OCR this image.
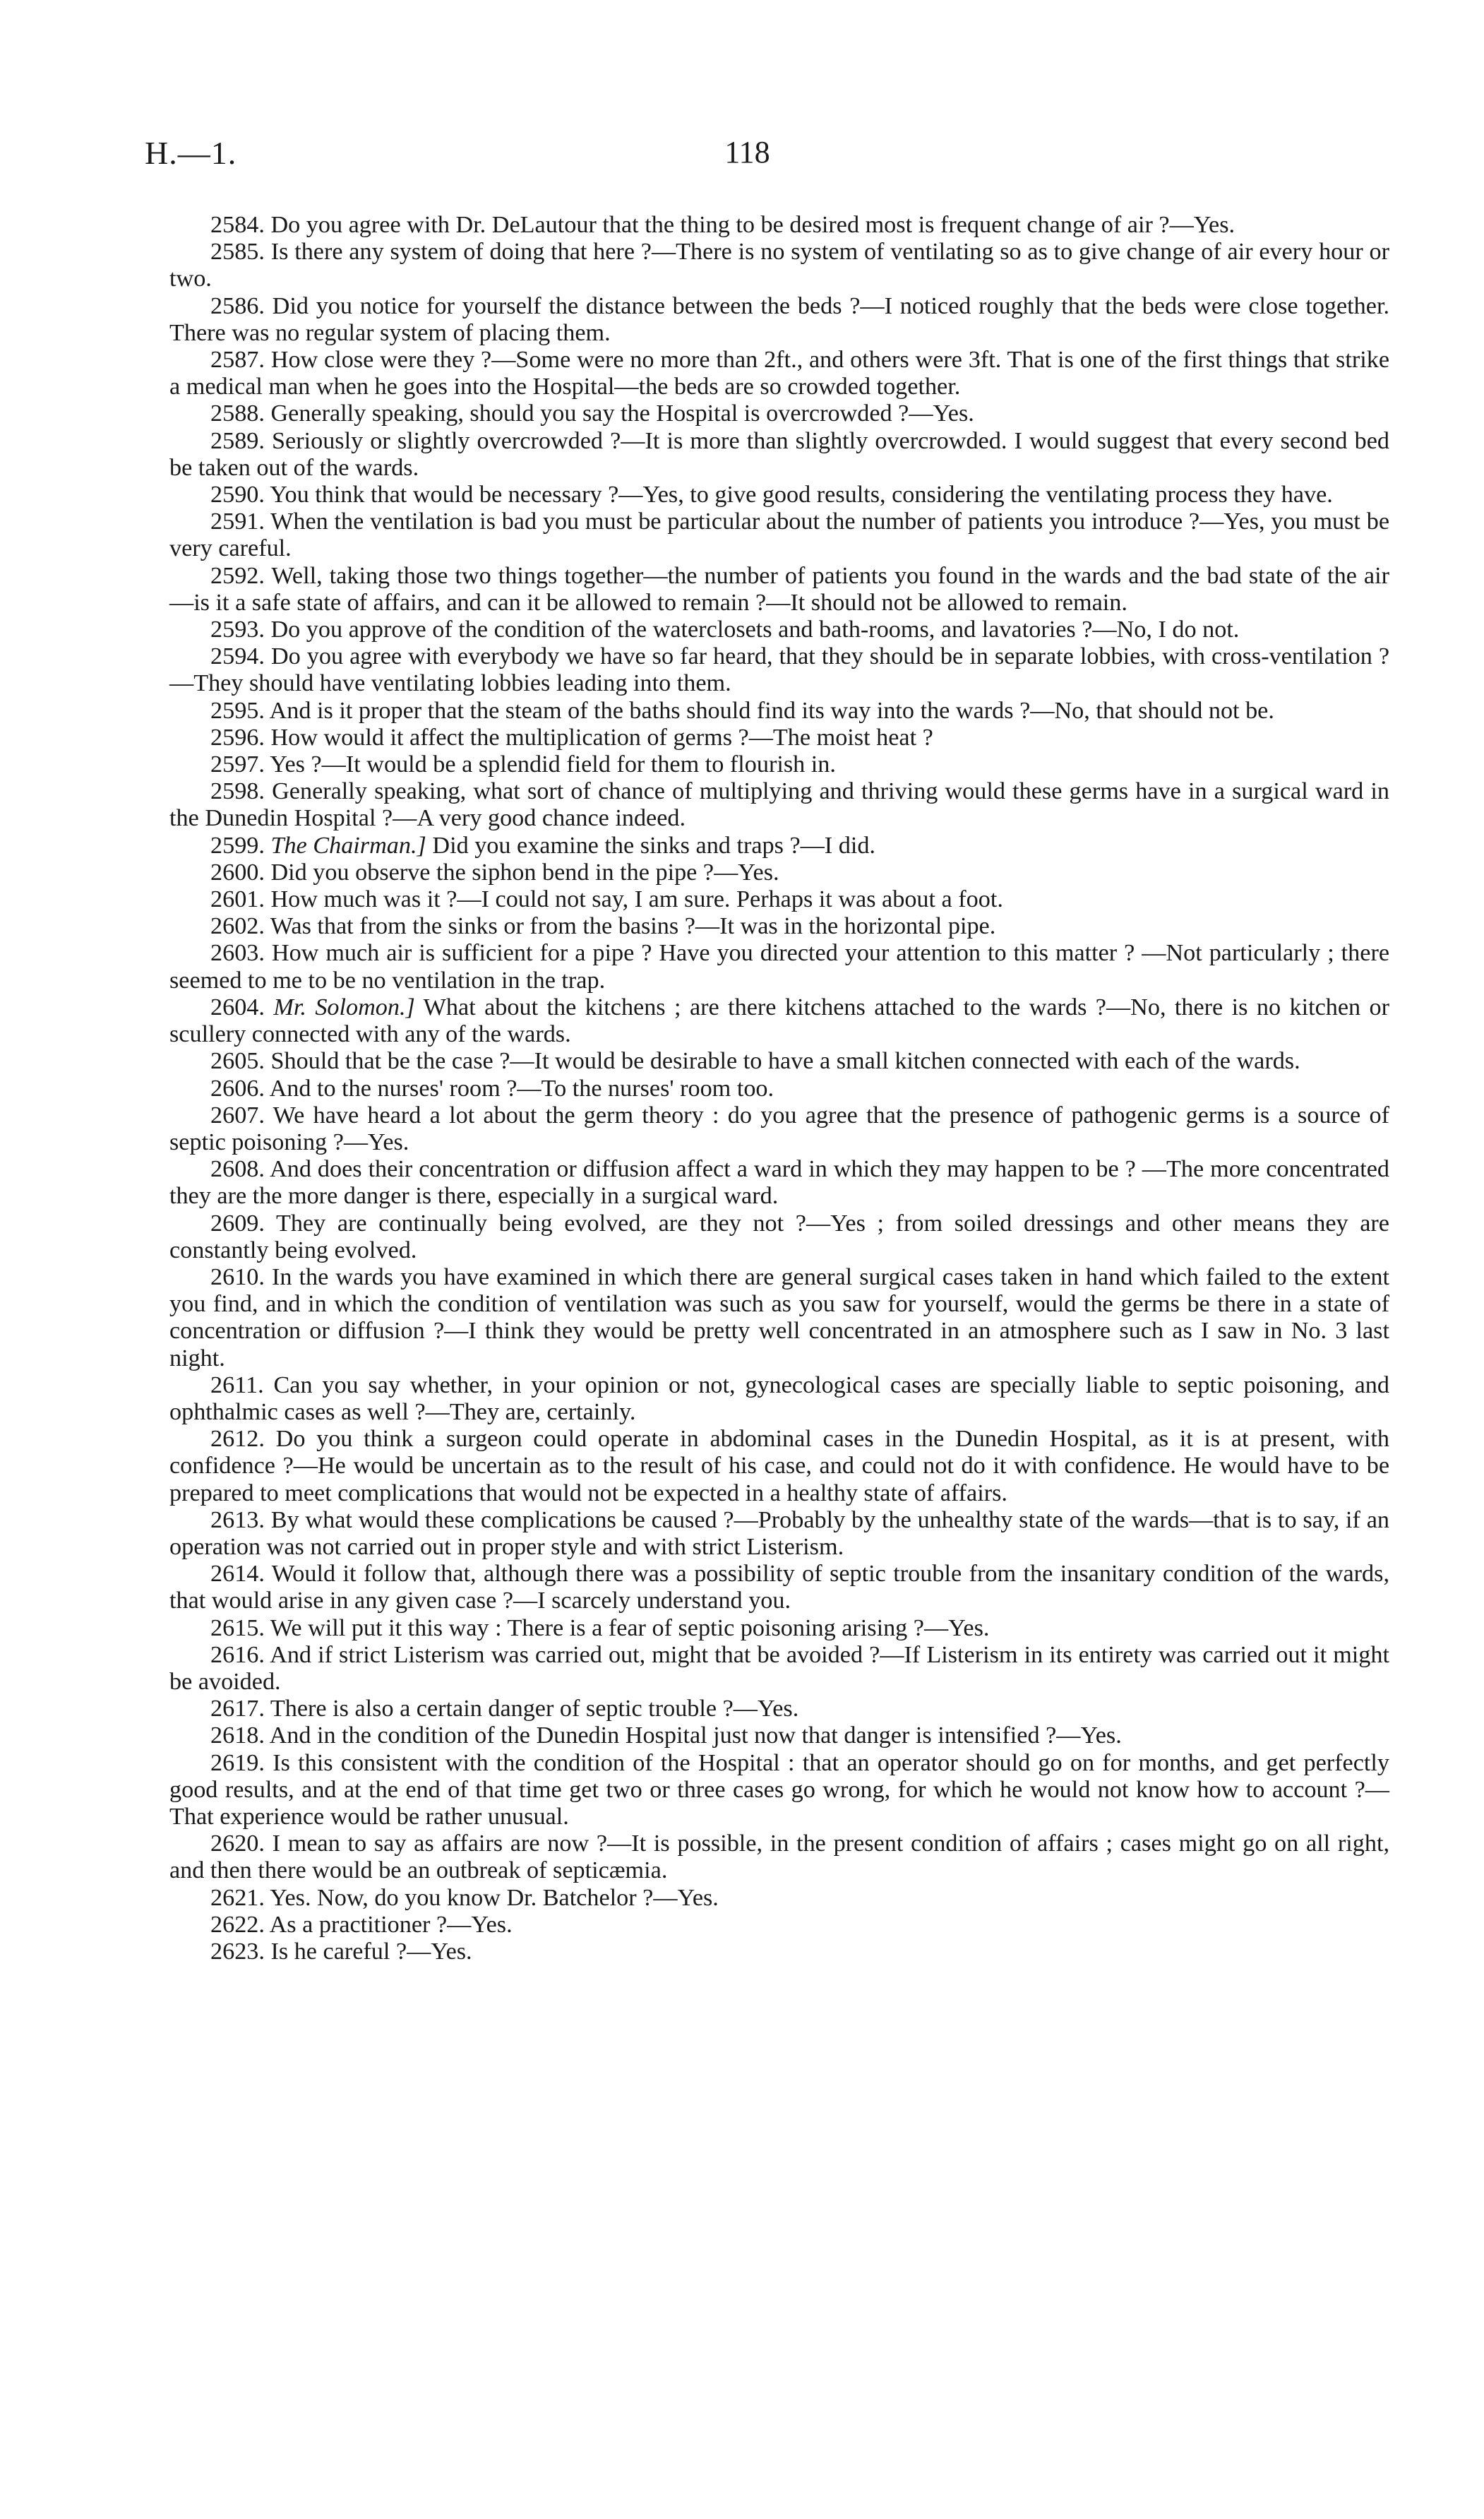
H.—1.	118

2584. Do you agree with Dr. DeLautour that the thing to be desired most is frequent change of air ?—Yes.

2585. Is there any system of doing that here ?—There is no system of ventilating so as to give change of air every hour or two.

2586. Did you notice for yourself the distance between the beds ?—I noticed roughly that the beds were close together. There was no regular system of placing them.

2587. How close were they ?—Some were no more than 2ft., and others were 3ft. That is one of the first things that strike a medical man when he goes into the Hospital—the beds are so crowded together.

2588. Generally speaking, should you say the Hospital is overcrowded ?—Yes.

2589. Seriously or slightly overcrowded ?—It is more than slightly overcrowded. I would suggest that every second bed be taken out of the wards.

2590. You think that would be necessary ?—Yes, to give good results, considering the ventilating process they have.

2591. When the ventilation is bad you must be particular about the number of patients you introduce ?—Yes, you must be very careful.

2592. Well, taking those two things together—the number of patients you found in the wards and the bad state of the air—is it a safe state of affairs, and can it be allowed to remain ?—It should not be allowed to remain.

2593. Do you approve of the condition of the waterclosets and bath-rooms, and lavatories ?—No, I do not.

2594. Do you agree with everybody we have so far heard, that they should be in separate lobbies, with cross-ventilation ?—They should have ventilating lobbies leading into them.

2595. And is it proper that the steam of the baths should find its way into the wards ?—No, that should not be.

2596. How would it affect the multiplication of germs ?—The moist heat ?

2597. Yes ?—It would be a splendid field for them to flourish in.

2598. Generally speaking, what sort of chance of multiplying and thriving would these germs have in a surgical ward in the Dunedin Hospital ?—A very good chance indeed.

2599. The Chairman.] Did you examine the sinks and traps ?—I did.

2600. Did you observe the siphon bend in the pipe ?—Yes.

2601. How much was it ?—I could not say, I am sure. Perhaps it was about a foot.

2602. Was that from the sinks or from the basins ?—It was in the horizontal pipe.

2603. How much air is sufficient for a pipe ? Have you directed your attention to this matter ? —Not particularly ; there seemed to me to be no ventilation in the trap.

2604. Mr. Solomon.] What about the kitchens ; are there kitchens attached to the wards ?—No, there is no kitchen or scullery connected with any of the wards.

2605. Should that be the case ?—It would be desirable to have a small kitchen connected with each of the wards.

2606. And to the nurses' room ?—To the nurses' room too.

2607. We have heard a lot about the germ theory : do you agree that the presence of pathogenic germs is a source of septic poisoning ?—Yes.

2608. And does their concentration or diffusion affect a ward in which they may happen to be ? —The more concentrated they are the more danger is there, especially in a surgical ward.

2609. They are continually being evolved, are they not ?—Yes ; from soiled dressings and other means they are constantly being evolved.

2610. In the wards you have examined in which there are general surgical cases taken in hand which failed to the extent you find, and in which the condition of ventilation was such as you saw for yourself, would the germs be there in a state of concentration or diffusion ?—I think they would be pretty well concentrated in an atmosphere such as I saw in No. 3 last night.

2611. Can you say whether, in your opinion or not, gynecological cases are specially liable to septic poisoning, and ophthalmic cases as well ?—They are, certainly.

2612. Do you think a surgeon could operate in abdominal cases in the Dunedin Hospital, as it is at present, with confidence ?—He would be uncertain as to the result of his case, and could not do it with confidence. He would have to be prepared to meet complications that would not be expected in a healthy state of affairs.

2613. By what would these complications be caused ?—Probably by the unhealthy state of the wards—that is to say, if an operation was not carried out in proper style and with strict Listerism.

2614. Would it follow that, although there was a possibility of septic trouble from the insanitary condition of the wards, that would arise in any given case ?—I scarcely understand you.

2615. We will put it this way : There is a fear of septic poisoning arising ?—Yes.

2616. And if strict Listerism was carried out, might that be avoided ?—If Listerism in its entirety was carried out it might be avoided.

2617. There is also a certain danger of septic trouble ?—Yes.

2618. And in the condition of the Dunedin Hospital just now that danger is intensified ?—Yes.

2619. Is this consistent with the condition of the Hospital : that an operator should go on for months, and get perfectly good results, and at the end of that time get two or three cases go wrong, for which he would not know how to account ?—That experience would be rather unusual.

2620. I mean to say as affairs are now ?—It is possible, in the present condition of affairs ; cases might go on all right, and then there would be an outbreak of septicæmia.

2621. Yes. Now, do you know Dr. Batchelor ?—Yes.

2622. As a practitioner ?—Yes.

2623. Is he careful ?—Yes.
